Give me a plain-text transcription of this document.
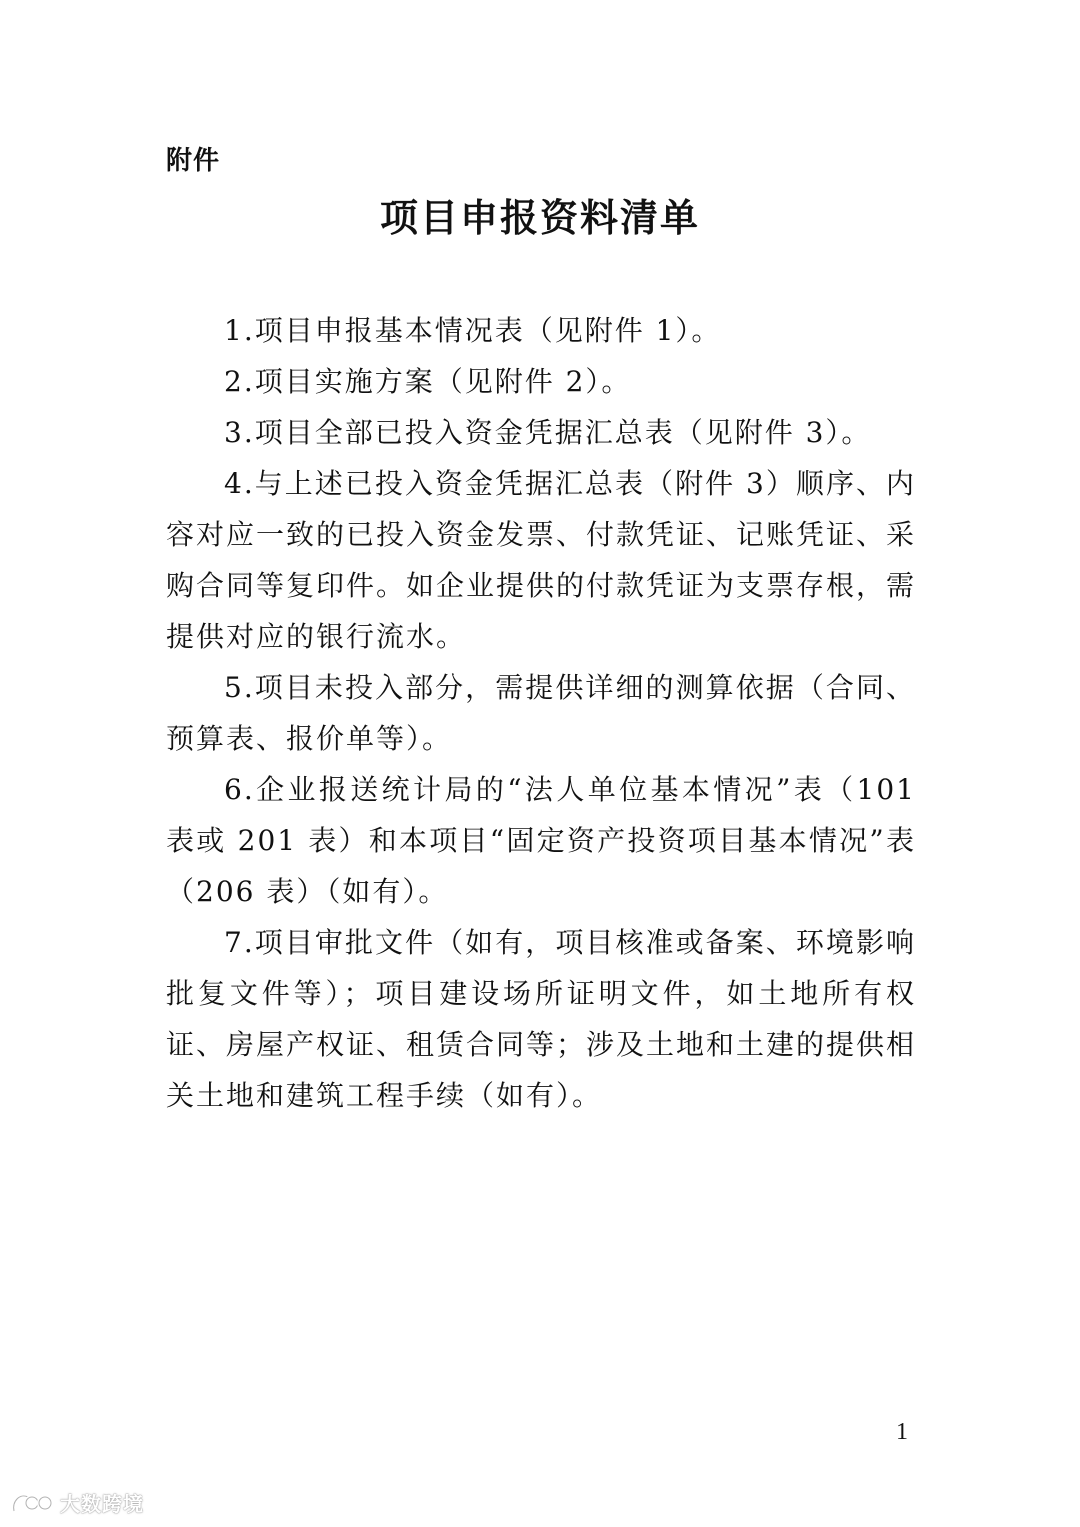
附件
项目申报资料清单

1.项目申报基本情况表（见附件 1）。

2.项目实施方案（见附件 2）。

3.项目全部已投入资金凭据汇总表（见附件 3）。

4.与上述已投入资金凭据汇总表（附件 3）顺序、内容对应一致的已投入资金发票、付款凭证、记账凭证、采购合同等复印件。如企业提供的付款凭证为支票存根，需提供对应的银行流水。

5.项目未投入部分，需提供详细的测算依据（合同、预算表、报价单等）。

6.企业报送统计局的“法人单位基本情况”表（101 表或 201 表）和本项目“固定资产投资项目基本情况”表（206 表）（如有）。

7.项目审批文件（如有，项目核准或备案、环境影响批复文件等）；项目建设场所证明文件，如土地所有权证、房屋产权证、租赁合同等；涉及土地和土建的提供相关土地和建筑工程手续（如有）。

1
大数跨境
